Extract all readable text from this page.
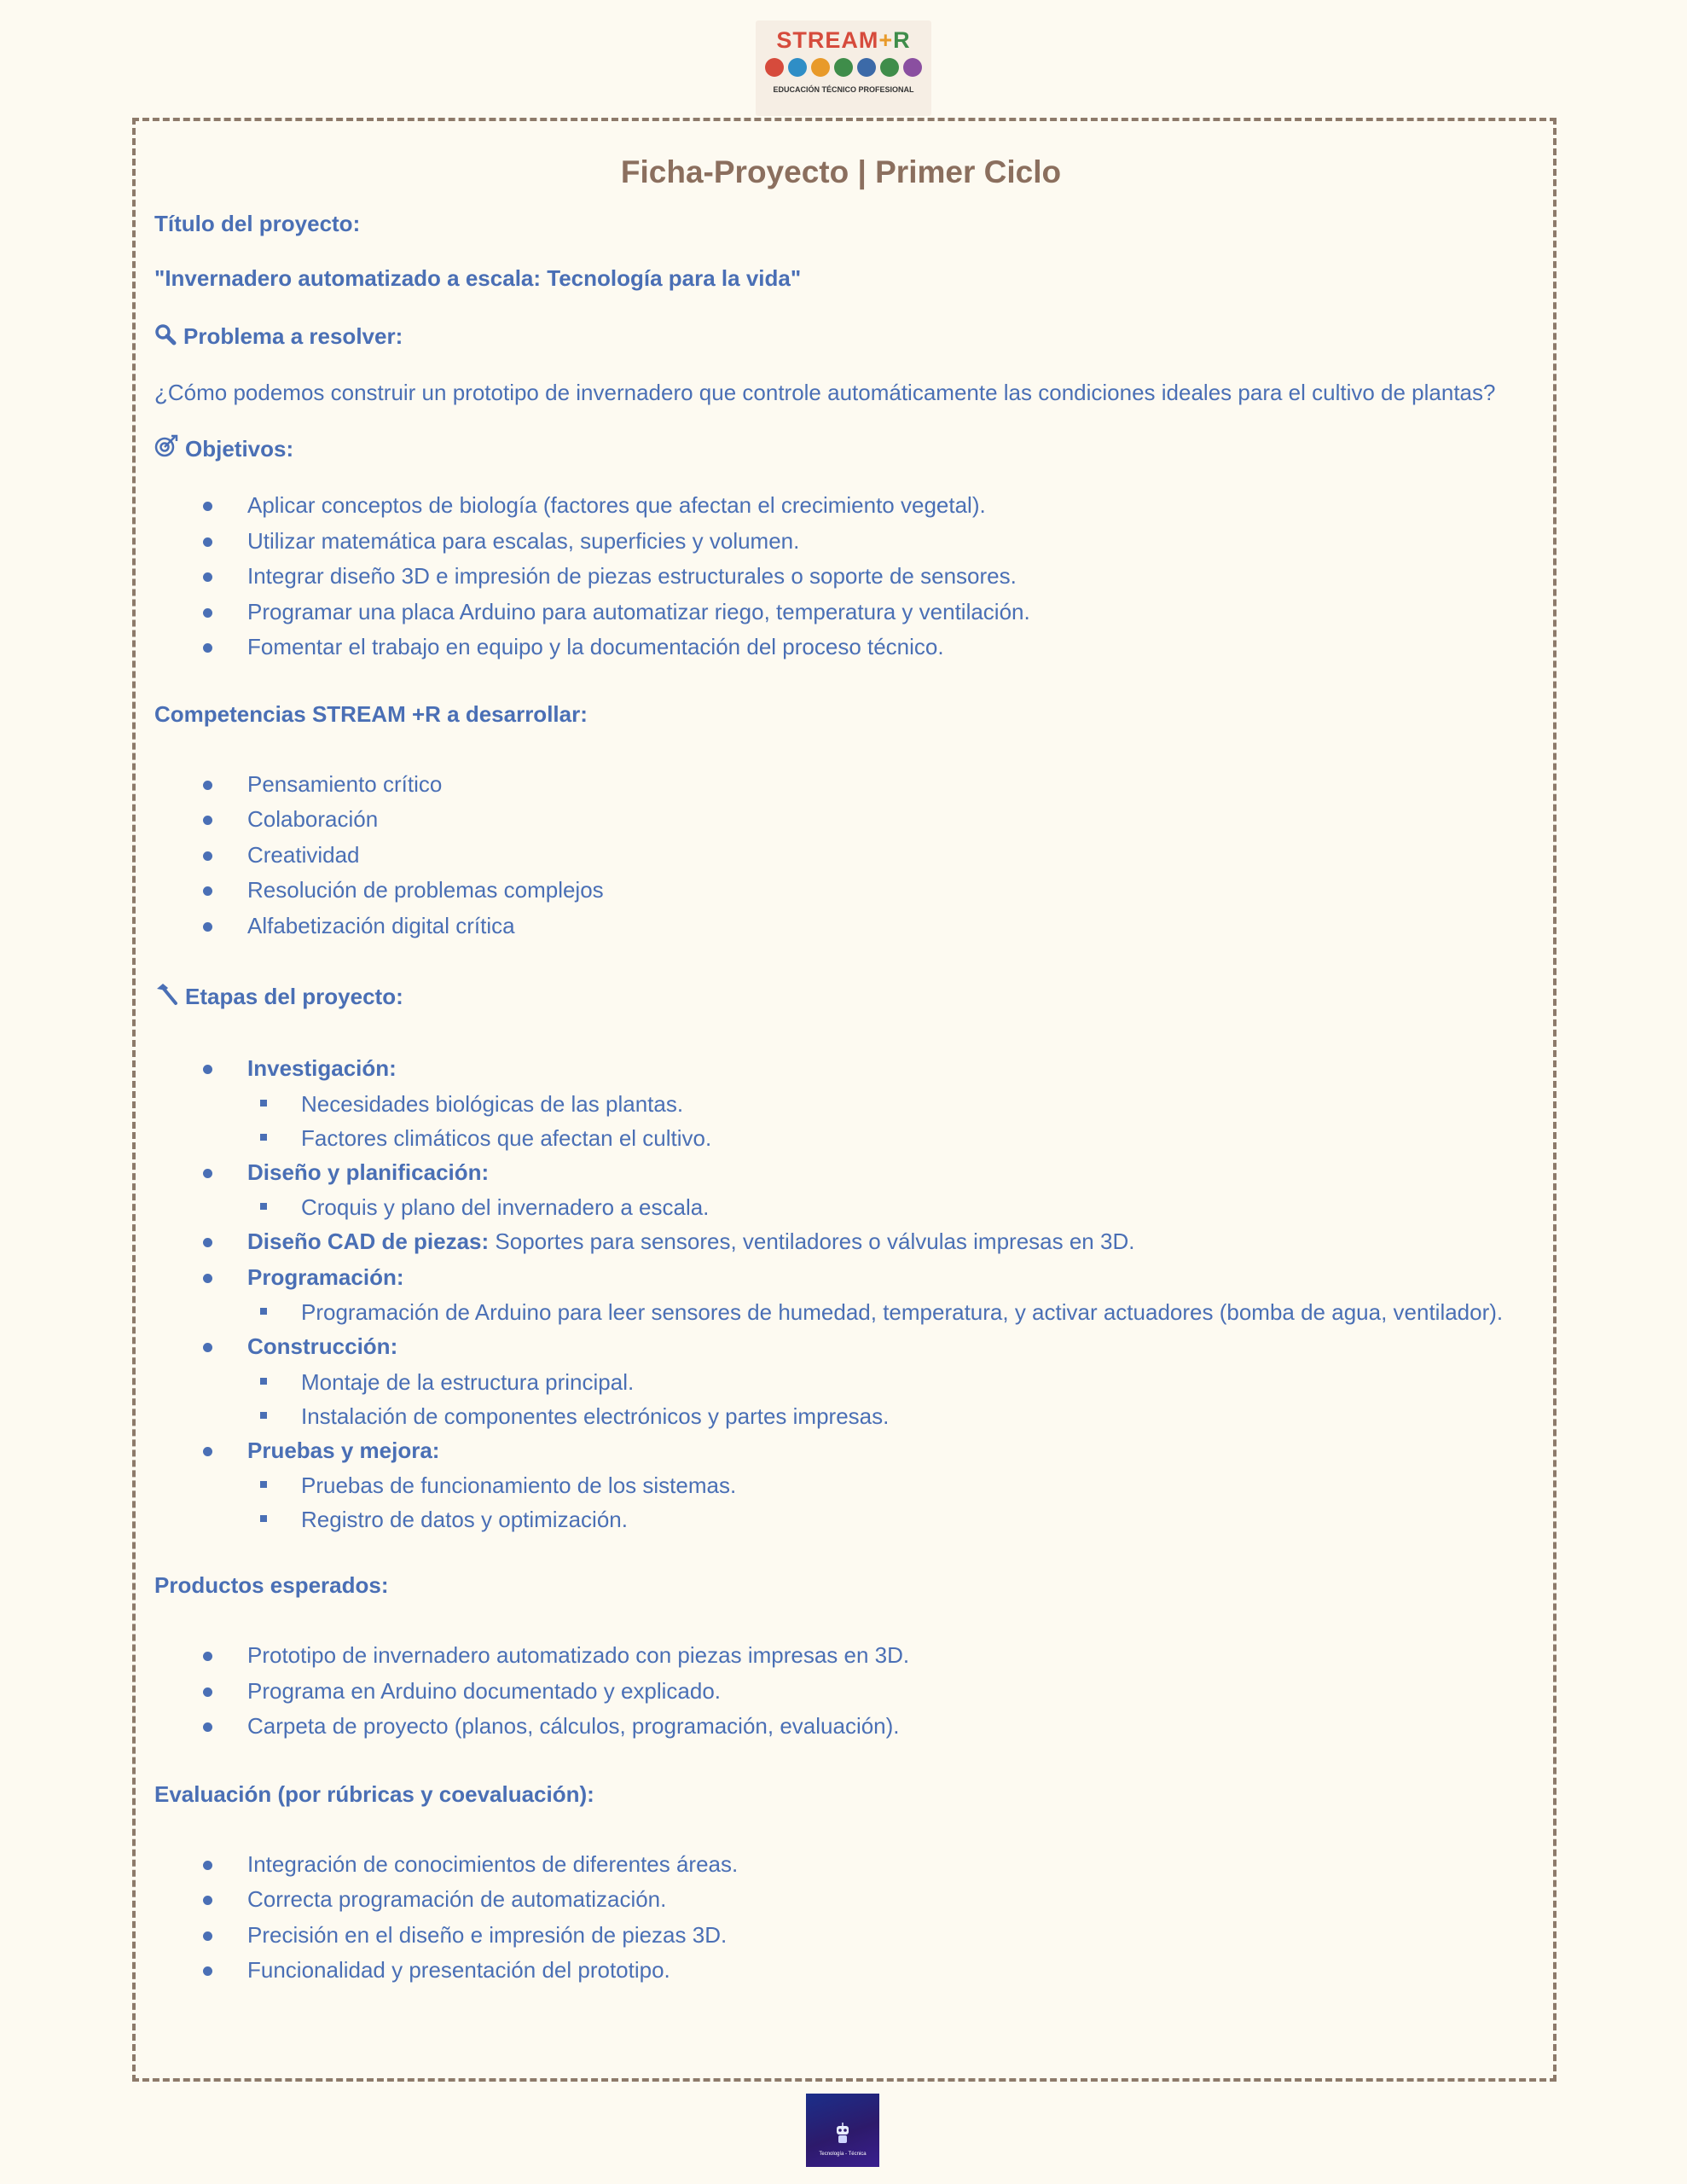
STREAM+R
EDUCACIÓN TÉCNICO PROFESIONAL
Ficha-Proyecto | Primer Ciclo
Título del proyecto:
"Invernadero automatizado a escala: Tecnología para la vida"
Problema a resolver:
¿Cómo podemos construir un prototipo de invernadero que controle automáticamente las condiciones ideales para el cultivo de plantas?
Objetivos:
Aplicar conceptos de biología (factores que afectan el crecimiento vegetal).
Utilizar matemática para escalas, superficies y volumen.
Integrar diseño 3D e impresión de piezas estructurales o soporte de sensores.
Programar una placa Arduino para automatizar riego, temperatura y ventilación.
Fomentar el trabajo en equipo y la documentación del proceso técnico.
Competencias STREAM +R a desarrollar:
Pensamiento crítico
Colaboración
Creatividad
Resolución de problemas complejos
Alfabetización digital crítica
Etapas del proyecto:
Investigación:
Necesidades biológicas de las plantas.
Factores climáticos que afectan el cultivo.
Diseño y planificación:
Croquis y plano del invernadero a escala.
Diseño CAD de piezas: Soportes para sensores, ventiladores o válvulas impresas en 3D.
Programación:
Programación de Arduino para leer sensores de humedad, temperatura, y activar actuadores (bomba de agua, ventilador).
Construcción:
Montaje de la estructura principal.
Instalación de componentes electrónicos y partes impresas.
Pruebas y mejora:
Pruebas de funcionamiento de los sistemas.
Registro de datos y optimización.
Productos esperados:
Prototipo de invernadero automatizado con piezas impresas en 3D.
Programa en Arduino documentado y explicado.
Carpeta de proyecto (planos, cálculos, programación, evaluación).
Evaluación (por rúbricas y coevaluación):
Integración de conocimientos de diferentes áreas.
Correcta programación de automatización.
Precisión en el diseño e impresión de piezas 3D.
Funcionalidad y presentación del prototipo.
Tecnología - Técnica
